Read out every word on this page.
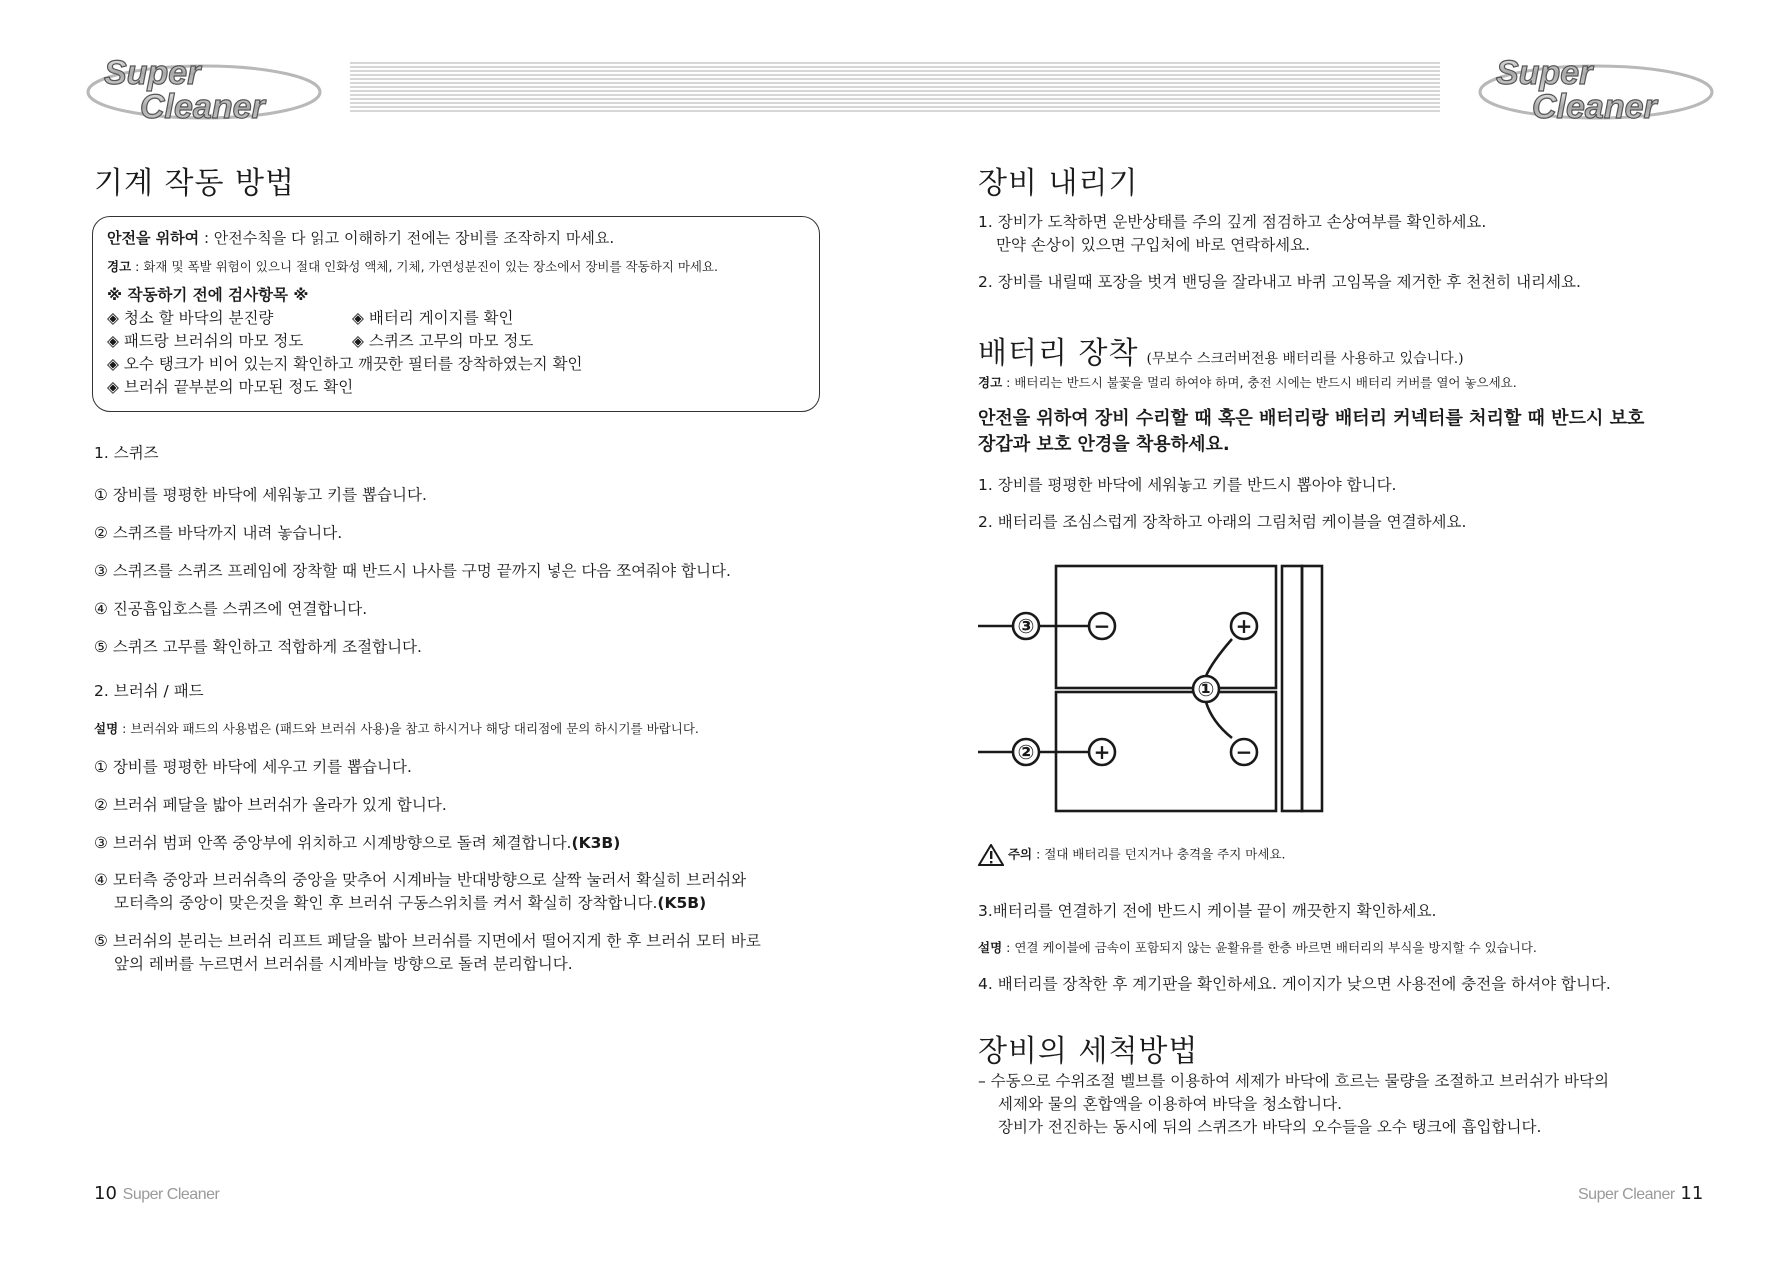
Super
Cleaner
Super
Cleaner
기계 작동 방법
안전을 위하여 : 안전수칙을 다 읽고 이해하기 전에는 장비를 조작하지 마세요.
경고 : 화재 및 폭발 위험이 있으니 절대 인화성 액체, 기체, 가연성분진이 있는 장소에서 장비를 작동하지 마세요.
※ 작동하기 전에 검사항목 ※
◈ 청소 할 바닥의 분진량	◈ 배터리 게이지를 확인
◈ 패드랑 브러쉬의 마모 정도	◈ 스퀴즈 고무의 마모 정도
◈ 오수 탱크가 비어 있는지 확인하고 깨끗한 필터를 장착하였는지 확인
◈ 브러쉬 끝부분의 마모된 정도 확인
1. 스퀴즈
① 장비를 평평한 바닥에 세워놓고 키를 뽑습니다.
② 스퀴즈를 바닥까지 내려 놓습니다.
③ 스퀴즈를 스퀴즈 프레임에 장착할 때 반드시 나사를 구멍 끝까지 넣은 다음 쪼여줘야 합니다.
④ 진공흡입호스를 스퀴즈에 연결합니다.
⑤ 스퀴즈 고무를 확인하고 적합하게 조절합니다.
2. 브러쉬 / 패드
설명 : 브러쉬와 패드의 사용법은 (패드와 브러쉬 사용)을 참고 하시거나 해당 대리점에 문의 하시기를 바랍니다.
① 장비를 평평한 바닥에 세우고 키를 뽑습니다.
② 브러쉬 페달을 밟아 브러쉬가 올라가 있게 합니다.
③ 브러쉬 범퍼 안쪽 중앙부에 위치하고 시계방향으로 돌려 체결합니다.(K3B)
④ 모터측 중앙과 브러쉬측의 중앙을 맞추어 시계바늘 반대방향으로 살짝 눌러서 확실히 브러쉬와
모터측의 중앙이 맞은것을 확인 후 브러쉬 구동스위치를 켜서 확실히 장착합니다.(K5B)
⑤ 브러쉬의 분리는 브러쉬 리프트 페달을 밟아 브러쉬를 지면에서 떨어지게 한 후 브러쉬 모터 바로
앞의 레버를 누르면서 브러쉬를 시계바늘 방향으로 돌려 분리합니다.
10 Super Cleaner
장비 내리기
1. 장비가 도착하면 운반상태를 주의 깊게 점검하고 손상여부를 확인하세요.
만약 손상이 있으면 구입처에 바로 연락하세요.
2. 장비를 내릴때 포장을 벗겨 밴딩을 잘라내고 바퀴 고임목을 제거한 후 천천히 내리세요.
배터리 장착 (무보수 스크러버전용 배터리를 사용하고 있습니다.)
경고 : 배터리는 반드시 불꽃을 멀리 하여야 하며, 충전 시에는 반드시 배터리 커버를 열어 놓으세요.
안전을 위하여 장비 수리할 때 혹은 배터리랑 배터리 커넥터를 처리할 때 반드시 보호
장갑과 보호 안경을 착용하세요.
1. 장비를 평평한 바닥에 세워놓고 키를 반드시 뽑아야 합니다.
2. 배터리를 조심스럽게 장착하고 아래의 그림처럼 케이블을 연결하세요.
③
②
①
−
+
+
−
주의 : 절대 배터리를 던지거나 충격을 주지 마세요.
3.배터리를 연결하기 전에 반드시 케이블 끝이 깨끗한지 확인하세요.
설명 : 연결 케이블에 금속이 포함되지 않는 윤활유를 한층 바르면 배터리의 부식을 방지할 수 있습니다.
4. 배터리를 장착한 후 계기판을 확인하세요. 게이지가 낮으면 사용전에 충전을 하셔야 합니다.
장비의 세척방법
– 수동으로 수위조절 벨브를 이용하여 세제가 바닥에 흐르는 물량을 조절하고 브러쉬가 바닥의
세제와 물의 혼합액을 이용하여 바닥을 청소합니다.
장비가 전진하는 동시에 뒤의 스퀴즈가 바닥의 오수들을 오수 탱크에 흡입합니다.
Super Cleaner 11
